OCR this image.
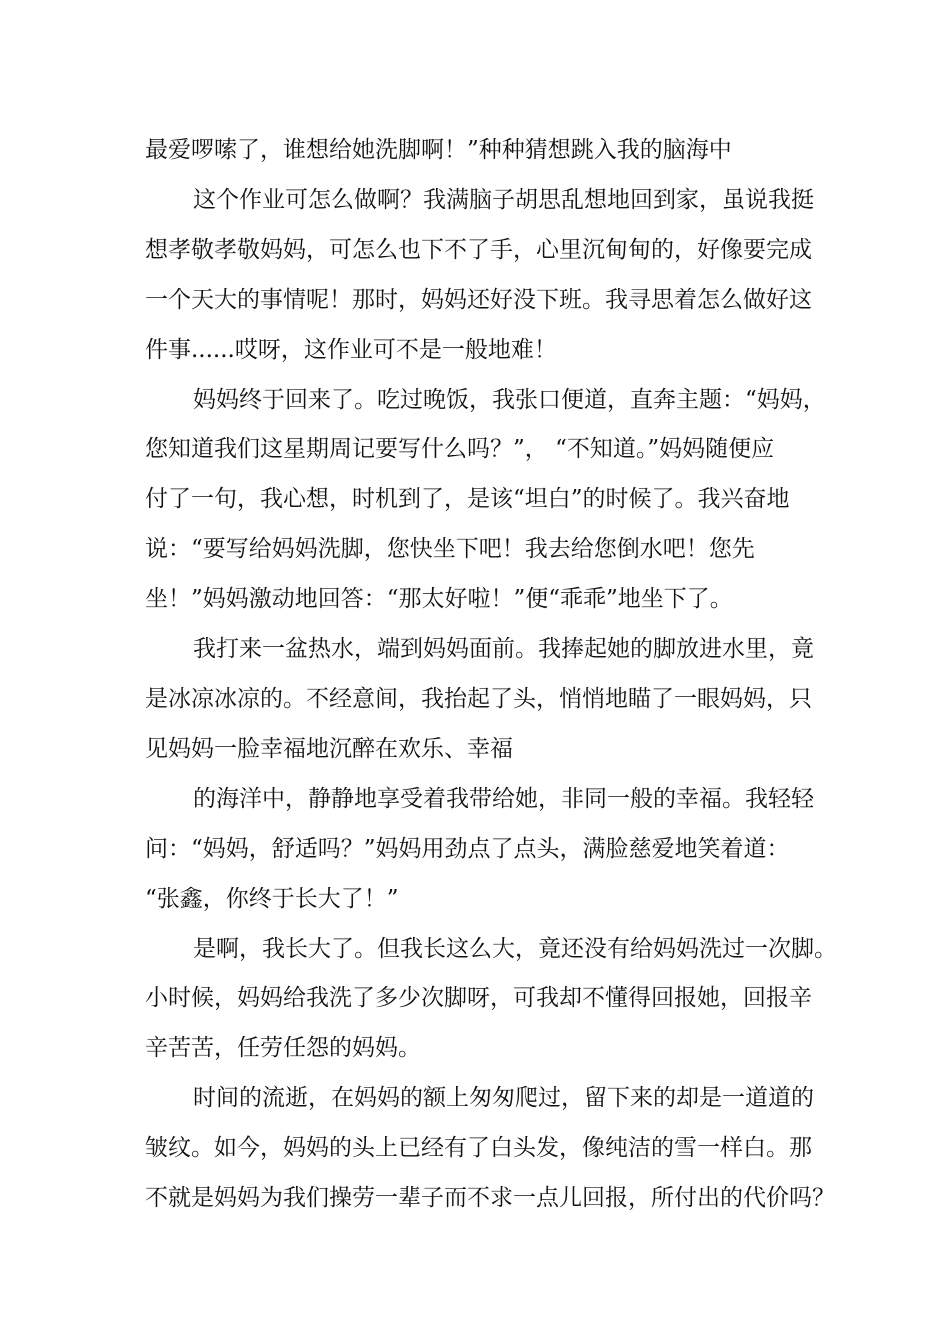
最爱啰嗦了，谁想给她洗脚啊！”种种猜想跳入我的脑海中

这个作业可怎么做啊？我满脑子胡思乱想地回到家，虽说我挺

想孝敬孝敬妈妈，可怎么也下不了手，心里沉甸甸的，好像要完成

一个天大的事情呢！那时，妈妈还好没下班。我寻思着怎么做好这

件事......哎呀，这作业可不是一般地难！

妈妈终于回来了。吃过晚饭，我张口便道，直奔主题：“妈妈，

您知道我们这星期周记要写什么吗？”， “不知道。”妈妈随便应

付了一句，我心想，时机到了，是该“坦白”的时候了。我兴奋地

说：“要写给妈妈洗脚，您快坐下吧！我去给您倒水吧！您先

坐！”妈妈激动地回答：“那太好啦！”便“乖乖”地坐下了。

我打来一盆热水，端到妈妈面前。我捧起她的脚放进水里，竟

是冰凉冰凉的。不经意间，我抬起了头，悄悄地瞄了一眼妈妈，只

见妈妈一脸幸福地沉醉在欢乐、幸福

的海洋中，静静地享受着我带给她，非同一般的幸福。我轻轻

问：“妈妈，舒适吗？”妈妈用劲点了点头，满脸慈爱地笑着道：

“张鑫，你终于长大了！”

是啊，我长大了。但我长这么大，竟还没有给妈妈洗过一次脚。

小时候，妈妈给我洗了多少次脚呀，可我却不懂得回报她，回报辛

辛苦苦，任劳任怨的妈妈。

时间的流逝，在妈妈的额上匆匆爬过，留下来的却是一道道的

皱纹。如今，妈妈的头上已经有了白头发，像纯洁的雪一样白。那

不就是妈妈为我们操劳一辈子而不求一点儿回报，所付出的代价吗？
